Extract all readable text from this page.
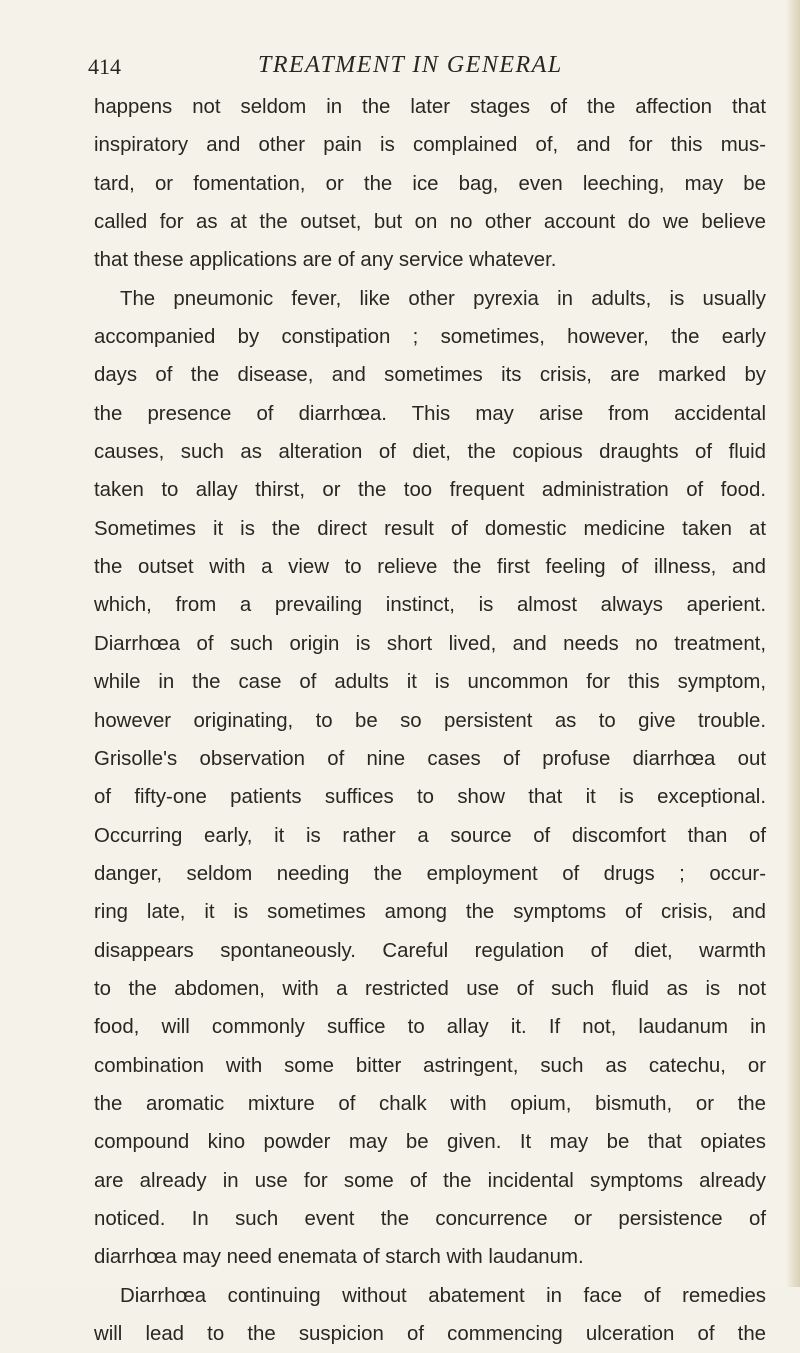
414	TREATMENT IN GENERAL
happens not seldom in the later stages of the affection that
inspiratory and other pain is complained of, and for this mus-
tard, or fomentation, or the ice bag, even leeching, may be
called for as at the outset, but on no other account do we believe
that these applications are of any service whatever.
The pneumonic fever, like other pyrexia in adults, is usually
accompanied by constipation ; sometimes, however, the early
days of the disease, and sometimes its crisis, are marked by
the presence of diarrhœa. This may arise from accidental
causes, such as alteration of diet, the copious draughts of fluid
taken to allay thirst, or the too frequent administration of food.
Sometimes it is the direct result of domestic medicine taken at
the outset with a view to relieve the first feeling of illness, and
which, from a prevailing instinct, is almost always aperient.
Diarrhœa of such origin is short lived, and needs no treatment,
while in the case of adults it is uncommon for this symptom,
however originating, to be so persistent as to give trouble.
Grisolle's observation of nine cases of profuse diarrhœa out
of fifty-one patients suffices to show that it is exceptional.
Occurring early, it is rather a source of discomfort than of
danger, seldom needing the employment of drugs ; occur-
ring late, it is sometimes among the symptoms of crisis, and
disappears spontaneously. Careful regulation of diet, warmth
to the abdomen, with a restricted use of such fluid as is not
food, will commonly suffice to allay it. If not, laudanum in
combination with some bitter astringent, such as catechu, or
the aromatic mixture of chalk with opium, bismuth, or the
compound kino powder may be given. It may be that opiates
are already in use for some of the incidental symptoms already
noticed. In such event the concurrence or persistence of
diarrhœa may need enemata of starch with laudanum.
Diarrhœa continuing without abatement in face of remedies
will lead to the suspicion of commencing ulceration of the
